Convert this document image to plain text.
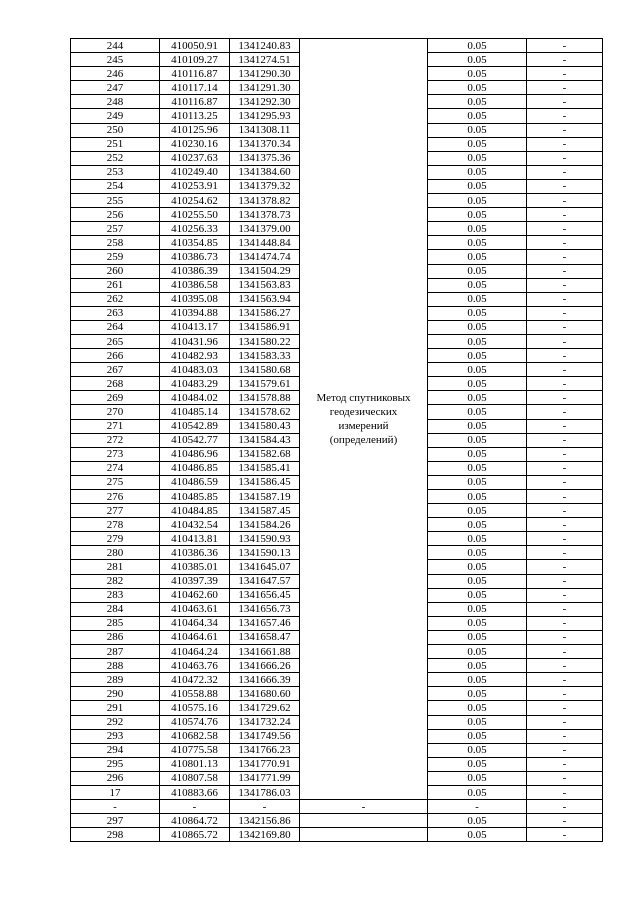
244	410050.91	1341240.83	Метод спутниковых геодезических измерений (определений)	0.05	-
245	410109.27	1341274.51		0.05	-
246	410116.87	1341290.30		0.05	-
247	410117.14	1341291.30		0.05	-
248	410116.87	1341292.30		0.05	-
249	410113.25	1341295.93		0.05	-
250	410125.96	1341308.11		0.05	-
251	410230.16	1341370.34		0.05	-
252	410237.63	1341375.36		0.05	-
253	410249.40	1341384.60		0.05	-
254	410253.91	1341379.32		0.05	-
255	410254.62	1341378.82		0.05	-
256	410255.50	1341378.73		0.05	-
257	410256.33	1341379.00		0.05	-
258	410354.85	1341448.84		0.05	-
259	410386.73	1341474.74		0.05	-
260	410386.39	1341504.29		0.05	-
261	410386.58	1341563.83		0.05	-
262	410395.08	1341563.94		0.05	-
263	410394.88	1341586.27		0.05	-
264	410413.17	1341586.91		0.05	-
265	410431.96	1341580.22		0.05	-
266	410482.93	1341583.33		0.05	-
267	410483.03	1341580.68		0.05	-
268	410483.29	1341579.61		0.05	-
269	410484.02	1341578.88		0.05	-
270	410485.14	1341578.62		0.05	-
271	410542.89	1341580.43		0.05	-
272	410542.77	1341584.43		0.05	-
273	410486.96	1341582.68		0.05	-
274	410486.85	1341585.41		0.05	-
275	410486.59	1341586.45		0.05	-
276	410485.85	1341587.19		0.05	-
277	410484.85	1341587.45		0.05	-
278	410432.54	1341584.26		0.05	-
279	410413.81	1341590.93		0.05	-
280	410386.36	1341590.13		0.05	-
281	410385.01	1341645.07		0.05	-
282	410397.39	1341647.57		0.05	-
283	410462.60	1341656.45		0.05	-
284	410463.61	1341656.73		0.05	-
285	410464.34	1341657.46		0.05	-
286	410464.61	1341658.47		0.05	-
287	410464.24	1341661.88		0.05	-
288	410463.76	1341666.26		0.05	-
289	410472.32	1341666.39		0.05	-
290	410558.88	1341680.60		0.05	-
291	410575.16	1341729.62		0.05	-
292	410574.76	1341732.24		0.05	-
293	410682.58	1341749.56		0.05	-
294	410775.58	1341766.23		0.05	-
295	410801.13	1341770.91		0.05	-
296	410807.58	1341771.99		0.05	-
17	410883.66	1341786.03		0.05	-
-	-	-	-	-	-
297	410864.72	1342156.86		0.05	-
298	410865.72	1342169.80		0.05	-
